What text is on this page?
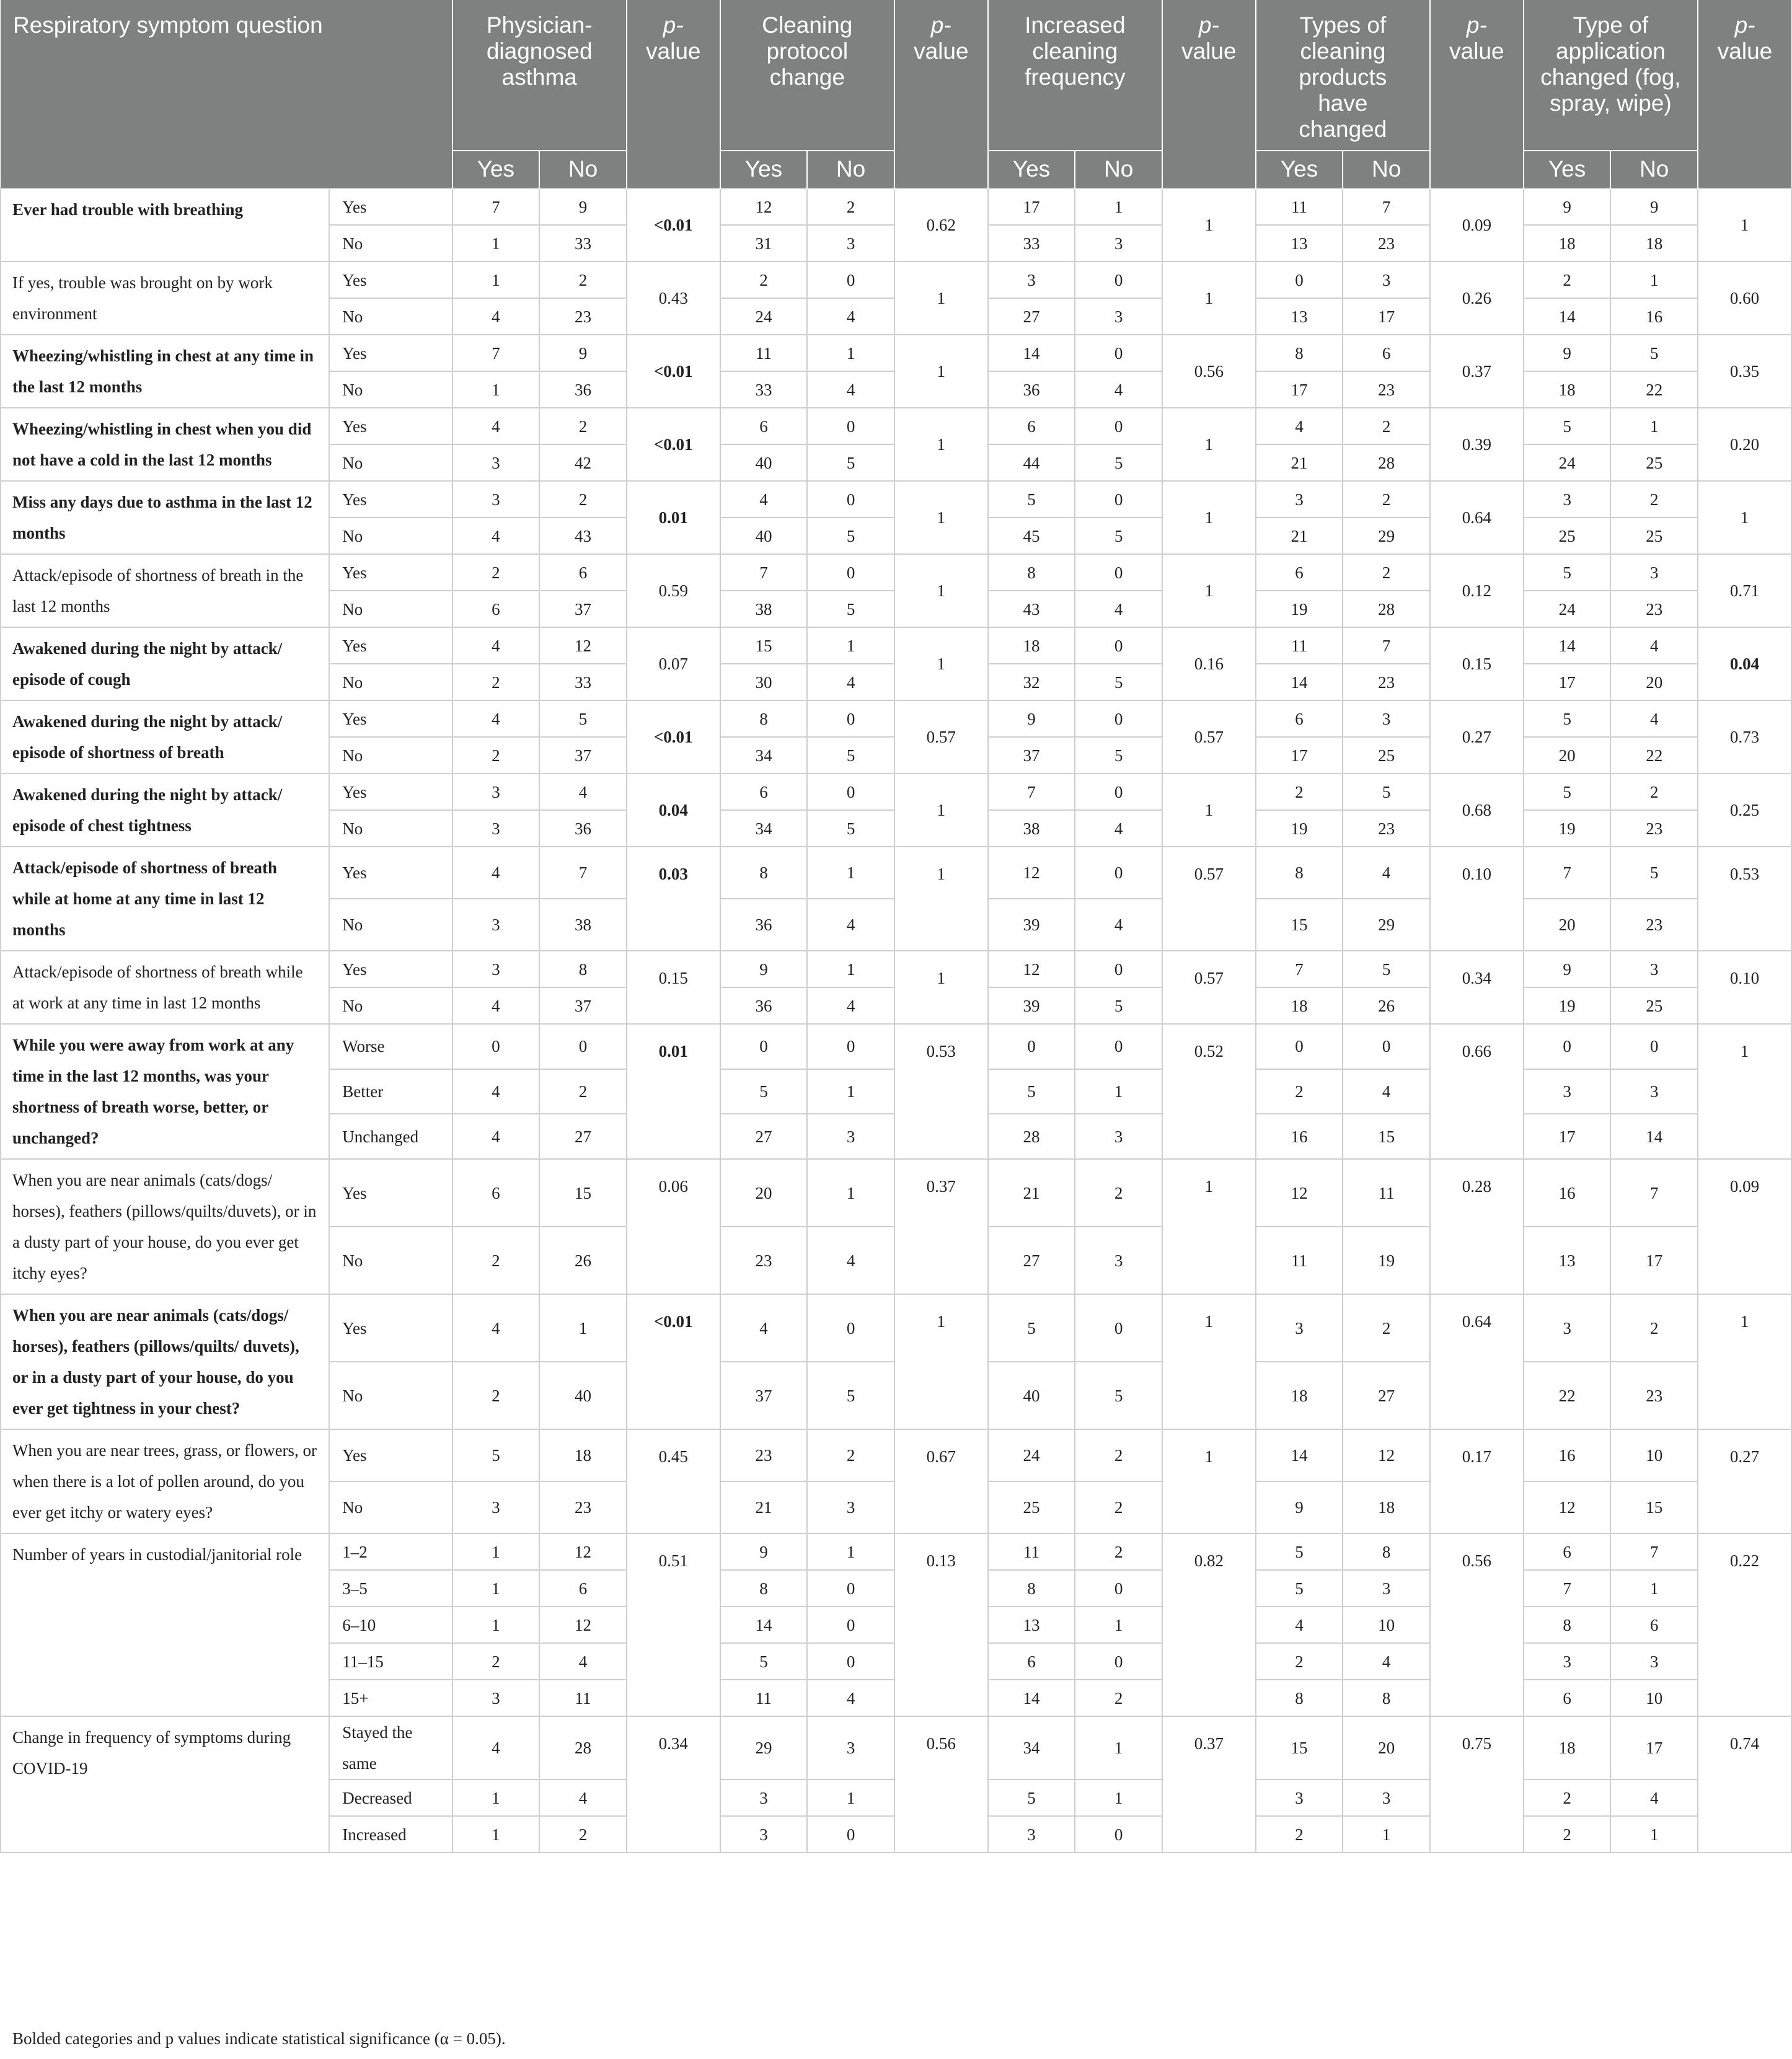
Respiratory symptom question		Physician-
diagnosed
asthma		p-
value	Cleaning
protocol
change		p-
value	Increased
cleaning
frequency		p-
value	Types of
cleaning
products
have
changed		p-
value	Type of
application
changed (fog,
spray, wipe)		p-
value
		Yes	No		Yes	No		Yes	No		Yes	No		Yes	No	
Ever had trouble with breathing	Yes	7	9	<0.01	12	2	0.62	17	1	1	11	7	0.09	9	9	1
	No	1	33		31	3		33	3		13	23		18	18	
If yes, trouble was brought on by work environment	Yes	1	2	0.43	2	0	1	3	0	1	0	3	0.26	2	1	0.60
	No	4	23		24	4		27	3		13	17		14	16	
Wheezing/whistling in chest at any time in the last 12 months	Yes	7	9	<0.01	11	1	1	14	0	0.56	8	6	0.37	9	5	0.35
	No	1	36		33	4		36	4		17	23		18	22	
Wheezing/whistling in chest when you did not have a cold in the last 12 months	Yes	4	2	<0.01	6	0	1	6	0	1	4	2	0.39	5	1	0.20
	No	3	42		40	5		44	5		21	28		24	25	
Miss any days due to asthma in the last 12 months	Yes	3	2	0.01	4	0	1	5	0	1	3	2	0.64	3	2	1
	No	4	43		40	5		45	5		21	29		25	25	
Attack/episode of shortness of breath in the last 12 months	Yes	2	6	0.59	7	0	1	8	0	1	6	2	0.12	5	3	0.71
	No	6	37		38	5		43	4		19	28		24	23	
Awakened during the night by attack/ episode of cough	Yes	4	12	0.07	15	1	1	18	0	0.16	11	7	0.15	14	4	0.04
	No	2	33		30	4		32	5		14	23		17	20	
Awakened during the night by attack/ episode of shortness of breath	Yes	4	5	<0.01	8	0	0.57	9	0	0.57	6	3	0.27	5	4	0.73
	No	2	37		34	5		37	5		17	25		20	22	
Awakened during the night by attack/ episode of chest tightness	Yes	3	4	0.04	6	0	1	7	0	1	2	5	0.68	5	2	0.25
	No	3	36		34	5		38	4		19	23		19	23	
Attack/episode of shortness of breath while at home at any time in last 12 months	Yes	4	7	0.03	8	1	1	12	0	0.57	8	4	0.10	7	5	0.53
	No	3	38		36	4		39	4		15	29		20	23	
Attack/episode of shortness of breath while at work at any time in last 12 months	Yes	3	8	0.15	9	1	1	12	0	0.57	7	5	0.34	9	3	0.10
	No	4	37		36	4		39	5		18	26		19	25	
While you were away from work at any time in the last 12 months, was your shortness of breath worse, better, or unchanged?	Worse	0	0	0.01	0	0	0.53	0	0	0.52	0	0	0.66	0	0	1
	Better	4	2		5	1		5	1		2	4		3	3	
	Unchanged	4	27		27	3		28	3		16	15		17	14	
When you are near animals (cats/dogs/ horses), feathers (pillows/quilts/duvets), or in a dusty part of your house, do you ever get itchy eyes?	Yes	6	15	0.06	20	1	0.37	21	2	1	12	11	0.28	16	7	0.09
	No	2	26		23	4		27	3		11	19		13	17	
When you are near animals (cats/dogs/ horses), feathers (pillows/quilts/ duvets), or in a dusty part of your house, do you ever get tightness in your chest?	Yes	4	1	<0.01	4	0	1	5	0	1	3	2	0.64	3	2	1
	No	2	40		37	5		40	5		18	27		22	23	
When you are near trees, grass, or flowers, or when there is a lot of pollen around, do you ever get itchy or watery eyes?	Yes	5	18	0.45	23	2	0.67	24	2	1	14	12	0.17	16	10	0.27
	No	3	23		21	3		25	2		9	18		12	15	
Number of years in custodial/janitorial role	1–2	1	12	0.51	9	1	0.13	11	2	0.82	5	8	0.56	6	7	0.22
	3–5	1	6		8	0		8	0		5	3		7	1	
	6–10	1	12		14	0		13	1		4	10		8	6	
	11–15	2	4		5	0		6	0		2	4		3	3	
	15+	3	11		11	4		14	2		8	8		6	10	
Change in frequency of symptoms during COVID-19	Stayed the same	4	28	0.34	29	3	0.56	34	1	0.37	15	20	0.75	18	17	0.74
	Decreased	1	4		3	1		5	1		3	3		2	4	
	Increased	1	2		3	0		3	0		2	1		2	1	
Bolded categories and p values indicate statistical significance (α = 0.05).
